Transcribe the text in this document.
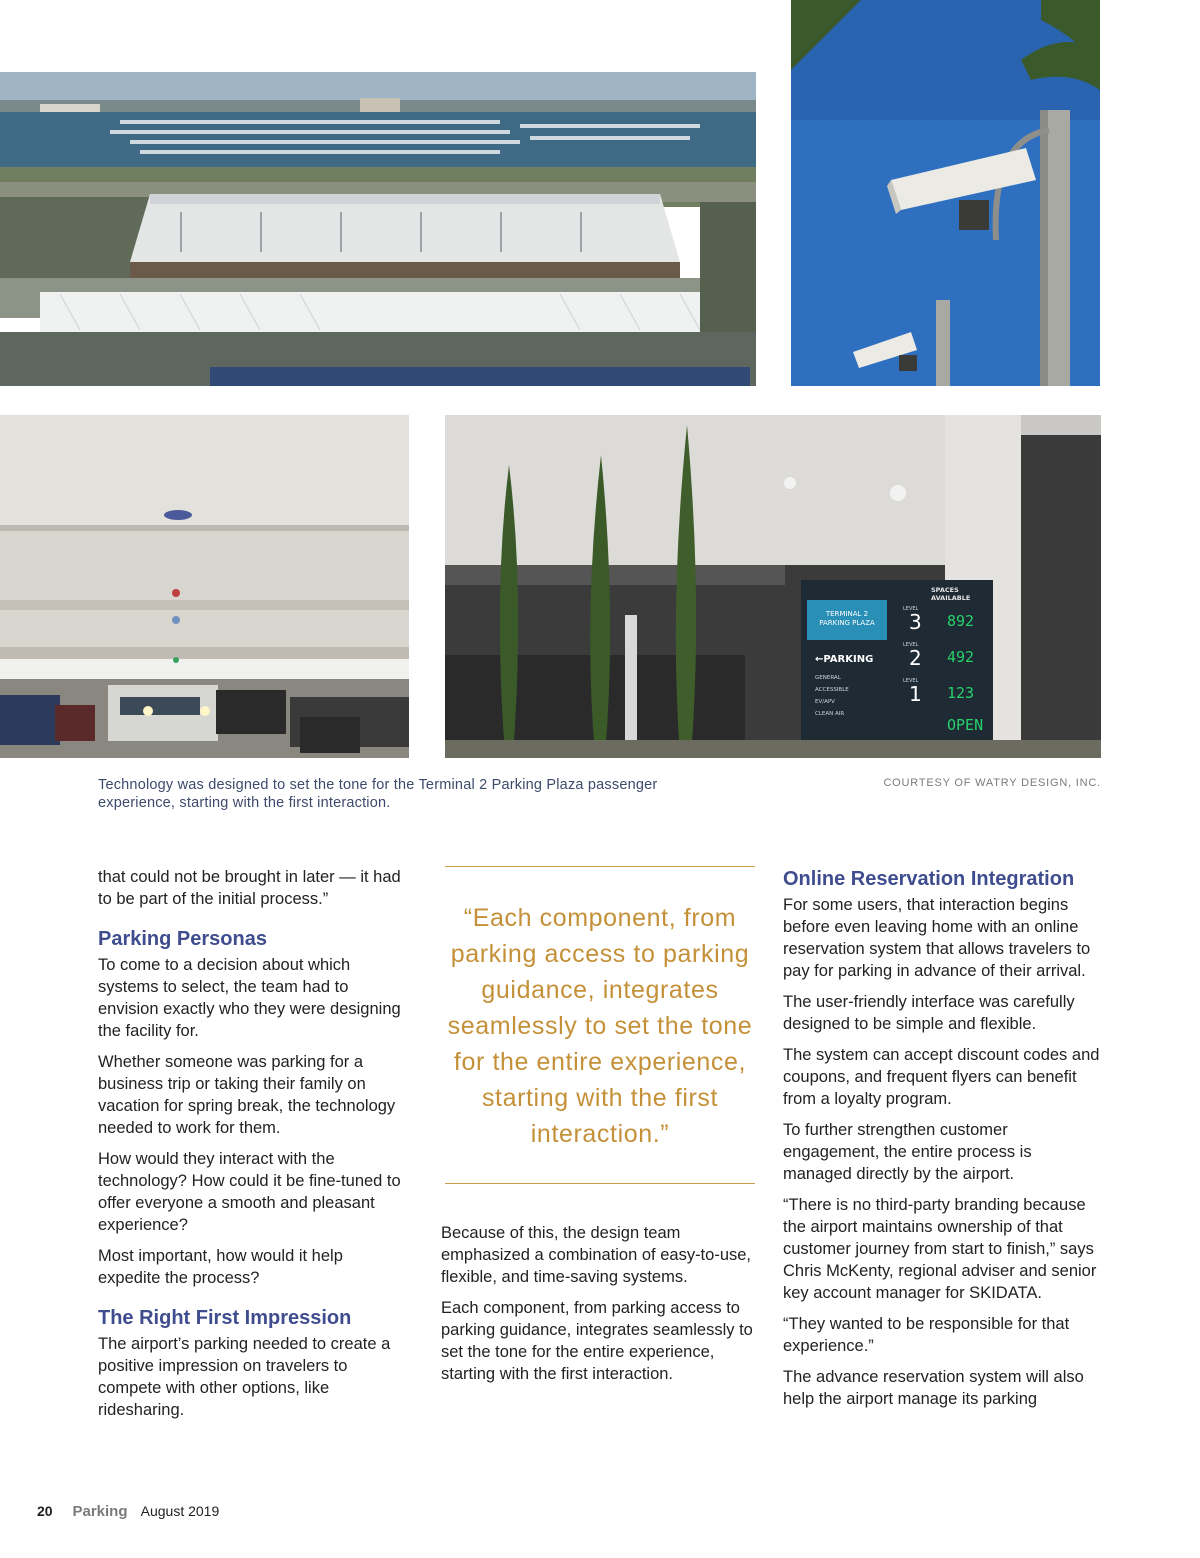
TERMINAL 2
PARKING PLAZA
←PARKING
GENERAL
ACCESSIBLE
EV/APV
CLEAN AIR
SPACES
AVAILABLE
LEVEL
3 892
LEVEL
2 492
LEVEL
1 123
OPEN
Technology was designed to set the tone for the Terminal 2 Parking Plaza passenger experience, starting with the first interaction.
COURTESY OF WATRY DESIGN, INC.

that could not be brought in later — it had to be part of the initial process.”

Parking Personas

To come to a decision about which systems to select, the team had to envision exactly who they were designing the facility for.

Whether someone was parking for a business trip or taking their family on vacation for spring break, the technology needed to work for them.

How would they interact with the technology? How could it be fine-tuned to offer everyone a smooth and pleasant experience?

Most important, how would it help expedite the process?

The Right First Impression

The airport’s parking needed to create a positive impression on travelers to compete with other options, like ridesharing.

“Each component, from parking access to parking guidance, integrates seamlessly to set the tone for the entire experience, starting with the first interaction.”

Because of this, the design team emphasized a combination of easy-to-use, flexible, and time-saving systems.

Each component, from parking access to parking guidance, integrates seamlessly to set the tone for the entire experience, starting with the first interaction.

Online Reservation Integration

For some users, that interaction begins before even leaving home with an online reservation system that allows travelers to pay for parking in advance of their arrival.

The user-friendly interface was carefully designed to be simple and flexible.

The system can accept discount codes and coupons, and frequent flyers can benefit from a loyalty program.

To further strengthen customer engagement, the entire process is managed directly by the airport.

“There is no third-party branding because the airport maintains ownership of that customer journey from start to finish,” says Chris McKenty, regional adviser and senior key account manager for SKIDATA.

“They wanted to be responsible for that experience.”

The advance reservation system will also help the airport manage its parking

20 Parking August 2019
